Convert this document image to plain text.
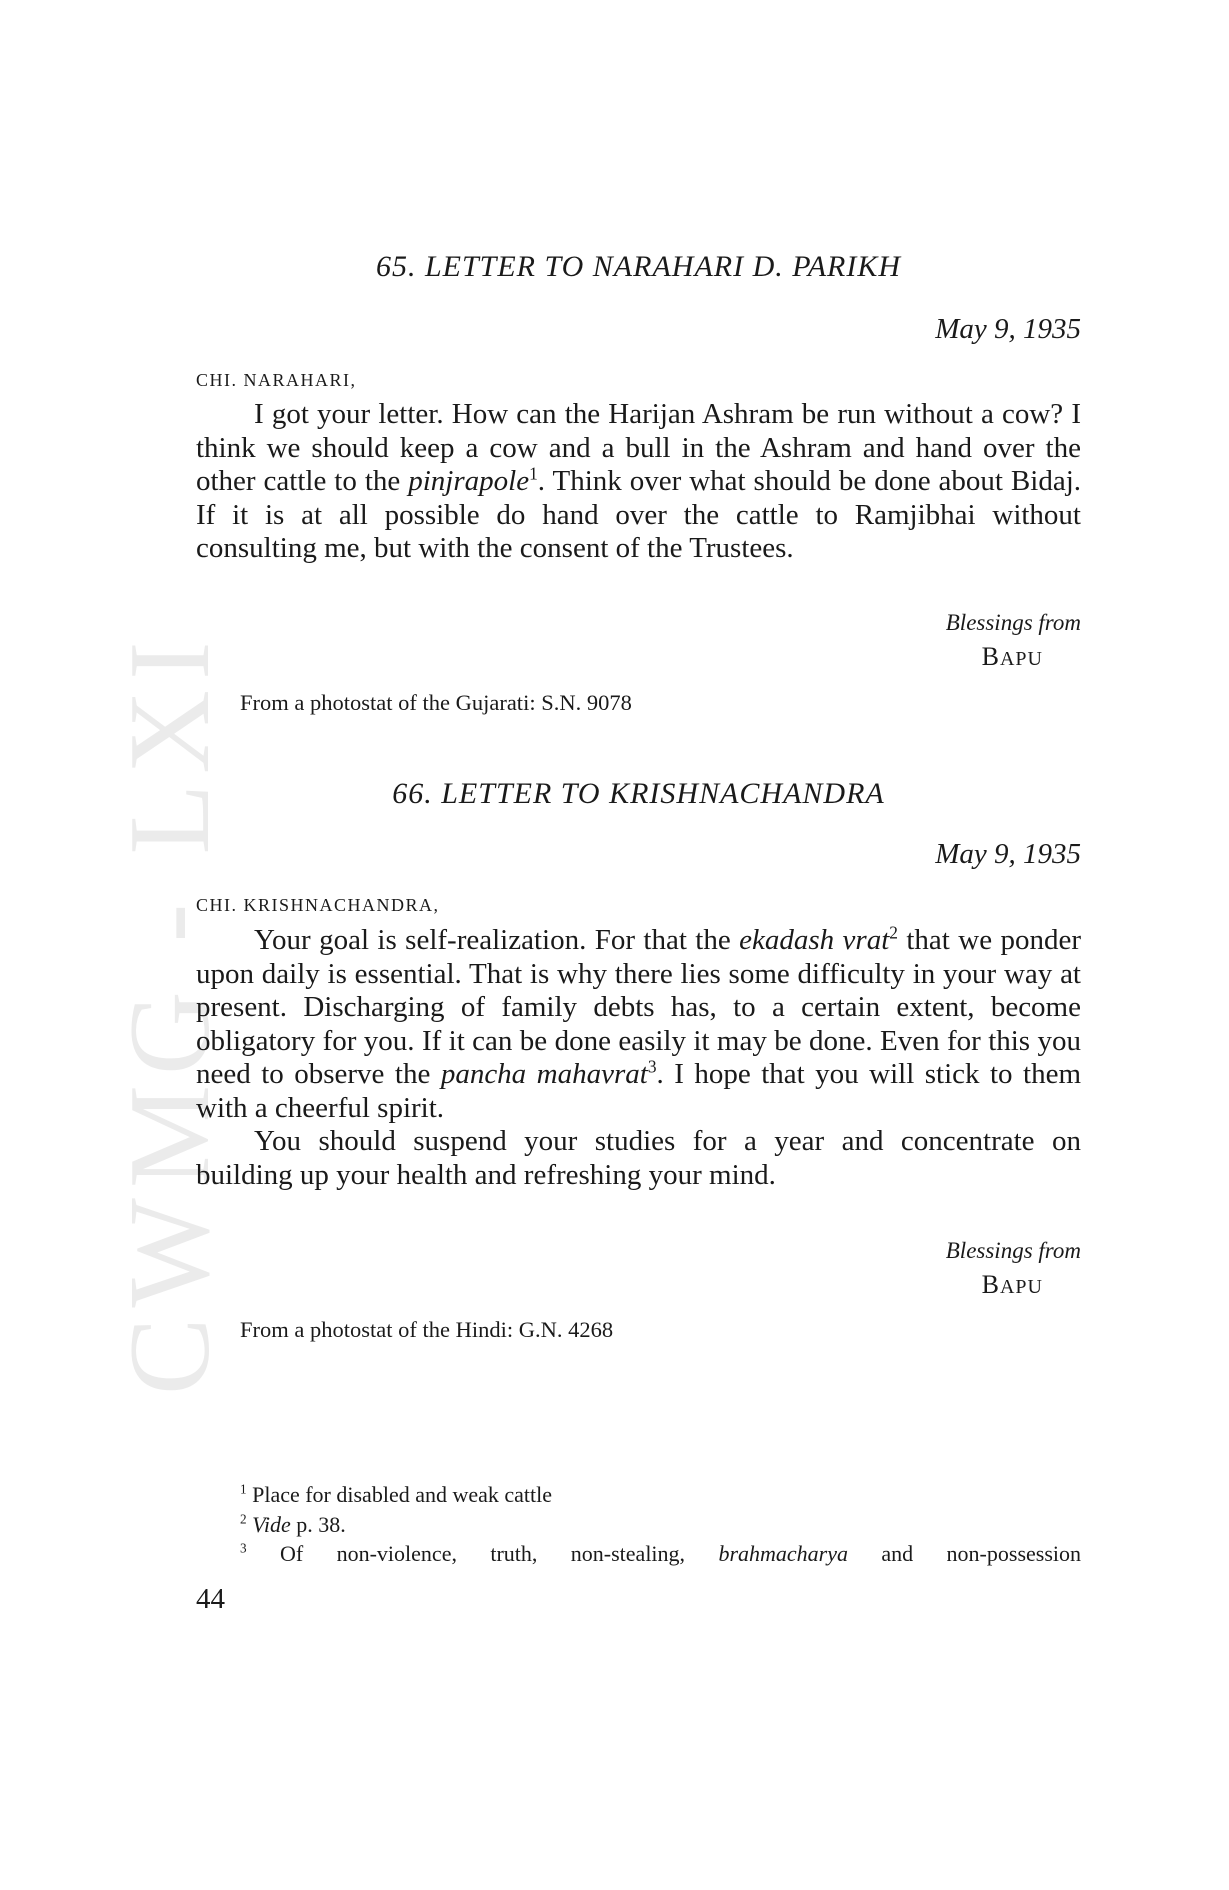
CWMG - LXI
65. LETTER TO NARAHARI D. PARIKH
May 9, 1935
CHI. NARAHARI,

I got your letter. How can the Harijan Ashram be run without a cow? I think we should keep a cow and a bull in the Ashram and hand over the other cattle to the pinjrapole$^1$. Think over what should be done about Bidaj. If it is at all possible do hand over the cattle to Ramjibhai without consulting me, but with the consent of the Trustees.

Blessings from
BAPU
From a photostat of the Gujarati: S.N. 9078
66. LETTER TO KRISHNACHANDRA
May 9, 1935
CHI. KRISHNACHANDRA,

Your goal is self-realization. For that the ekadash vrat$^2$ that we ponder upon daily is essential. That is why there lies some difficulty in your way at present. Discharging of family debts has, to a certain extent, become obligatory for you. If it can be done easily it may be done. Even for this you need to observe the pancha mahavrat$^3$. I hope that you will stick to them with a cheerful spirit.

You should suspend your studies for a year and concentrate on building up your health and refreshing your mind.

Blessings from
BAPU
From a photostat of the Hindi: G.N. 4268
$^1$ Place for disabled and weak cattle
$^2$ Vide p. 38.
$^3$ Of non-violence, truth, non-stealing, brahmacharya and non-possession
44
